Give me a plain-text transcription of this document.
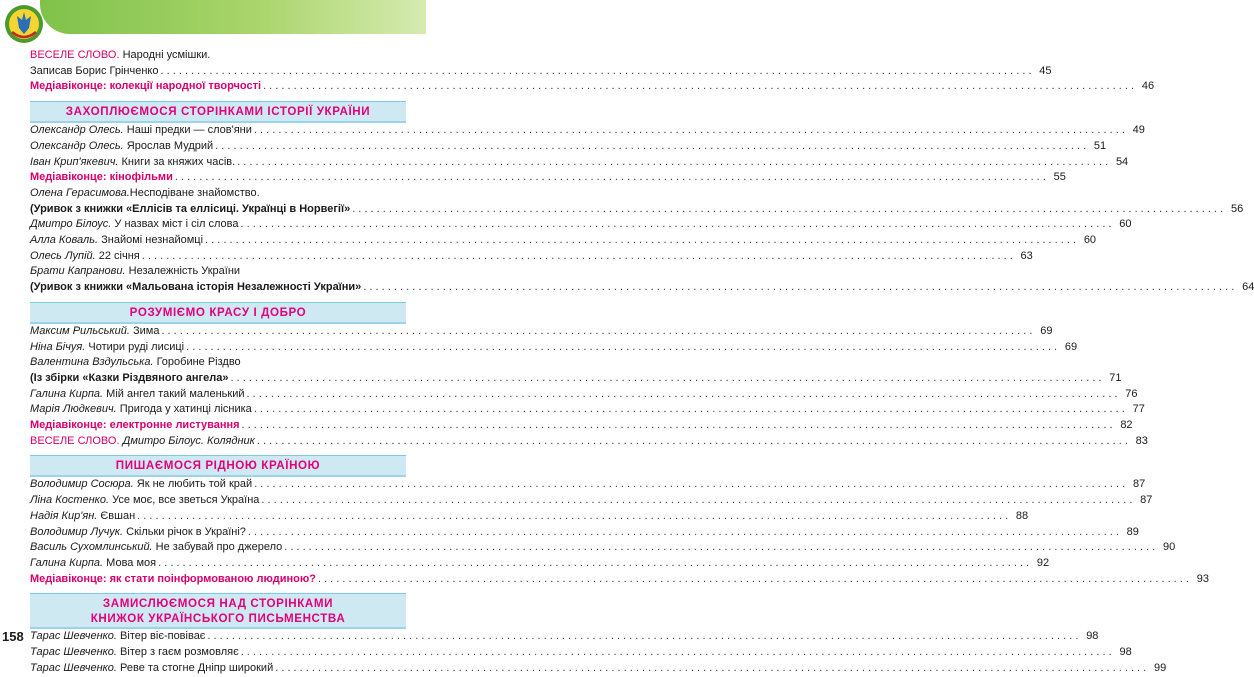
ВЕСЕЛЕ СЛОВО. Народні усмішки.
Записав Борис Грінченко . . .	45
Медіавіконце: колекції народної творчості . . .	46
ЗАХОПЛЮЄМОСЯ СТОРІНКАМИ ІСТОРІЇ УКРАЇНИ
Олександр Олесь. Наші предки — слов'яни . . .	49
Олександр Олесь. Ярослав Мудрий . . .	51
Іван Крип'якевич. Книги за княжих часів. . . .	54
Медіавіконце: кінофільми . . .	55
Олена Герасимова.Несподіване знайомство.
(Уривок з книжки «Еллісів та еллісиці. Українці в Норвегії» . . .	56
Дмитро Білоус. У назвах міст і сіл слова . . .	60
Алла Коваль. Знайомі незнайомці . . .	60
Олесь Лупій. 22 січня . . .	63
Брати Капранови. Незалежність України
(Уривок з книжки «Мальована історія Незалежності України» . . .	64
РОЗУМІЄМО КРАСУ І ДОБРО
Максим Рильський. Зима . . .	69
Ніна Бічуя. Чотири руді лисиці . . .	69
Валентина Вздульська. Горобине Різдво
(Із збірки «Казки Різдвяного ангела» . . .	71
Галина Кирпа. Мій ангел такий маленький . . .	76
Марія Людкевич. Пригода у хатинці лісника . . .	77
Медіавіконце: електронне листування . . .	82
ВЕСЕЛЕ СЛОВО. Дмитро Білоус. Колядник . . .	83
ПИШАЄМОСЯ РІДНОЮ КРАЇНОЮ
Володимир Сосюра. Як не любить той край . . .	87
Ліна Костенко. Усе моє, все зветься Україна . . .	87
Надія Кир'ян. Євшан . . .	88
Володимир Лучук. Скільки річок в Україні? . . .	89
Василь Сухомлинський. Не забувай про джерело . . .	90
Галина Кирпа. Мова моя . . .	92
Медіавіконце: як стати поінформованою людиною? . . .	93
ЗАМИСЛЮЄМОСЯ НАД СТОРІНКАМИ
КНИЖОК УКРАЇНСЬКОГО ПИСЬМЕНСТВА
Тарас Шевченко. Вітер віє-повіває . . .	98
Тарас Шевченко. Вітер з гаєм розмовляє . . .	98
Тарас Шевченко. Реве та стогне Дніпр широкий . . .	99
158
